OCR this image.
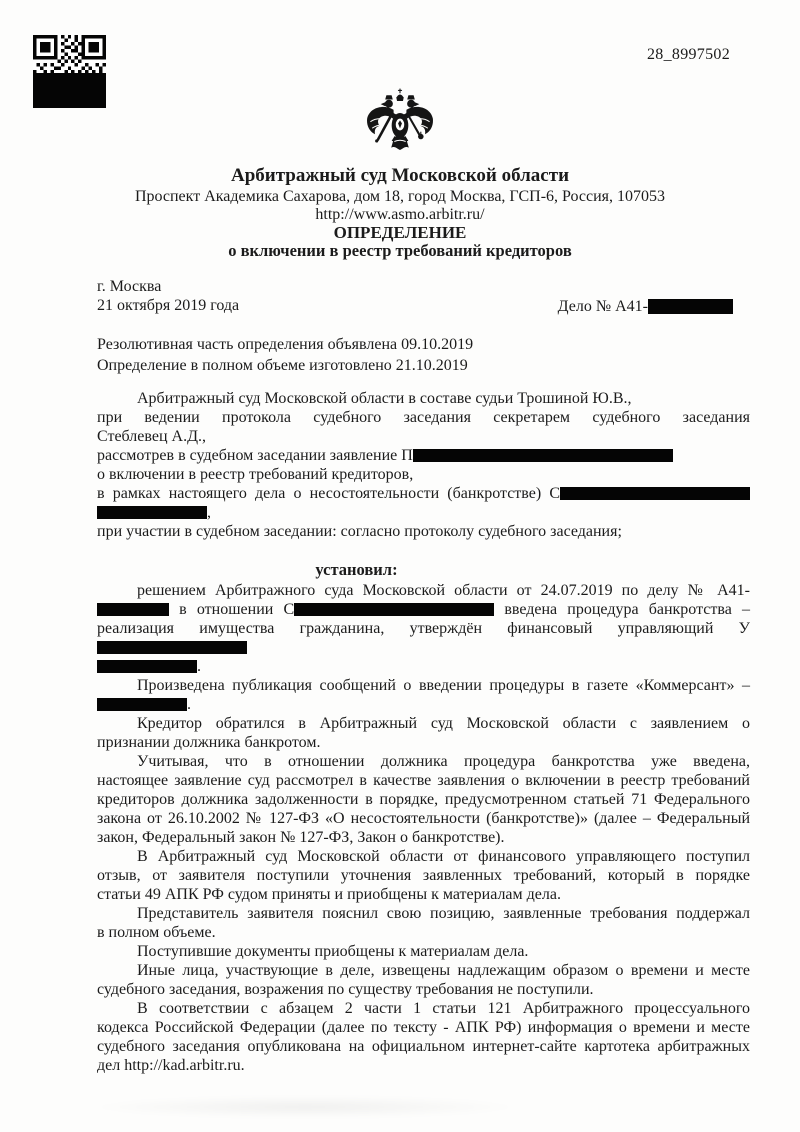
28_8997502
Арбитражный суд Московской области
Проспект Академика Сахарова, дом 18, город Москва, ГСП-6, Россия, 107053
http://www.asmo.arbitr.ru/
ОПРЕДЕЛЕНИЕ
о включении в реестр требований кредиторов
г. Москва
21 октября 2019 года	Дело № А41-
Резолютивная часть определения объявлена 09.10.2019
Определение в полном объеме изготовлено 21.10.2019
Арбитражный суд Московской области в составе судьи Трошиной Ю.В.,
при ведении протокола судебного заседания секретарем судебного заседания
Стеблевец А.Д.,
рассмотрев в судебном заседании заявление П
о включении в реестр требований кредиторов,
в рамках настоящего дела о несостоятельности (банкротстве) С
,
при участии в судебном заседании: согласно протоколу судебного заседания;
установил:
решением Арбитражного суда Московской области от 24.07.2019 по делу № А41-
в отношении С	введена процедура банкротства –
реализация имущества гражданина, утверждён финансовый управляющий У
.
Произведена публикация сообщений о введении процедуры в газете «Коммерсант» –
.
Кредитор обратился в Арбитражный суд Московской области с заявлением о
признании должника банкротом.
Учитывая, что в отношении должника процедура банкротства уже введена,
настоящее заявление суд рассмотрел в качестве заявления о включении в реестр требований
кредиторов должника задолженности в порядке, предусмотренном статьей 71 Федерального
закона от 26.10.2002 № 127-ФЗ «О несостоятельности (банкротстве)» (далее – Федеральный
закон, Федеральный закон № 127-ФЗ, Закон о банкротстве).
В Арбитражный суд Московской области от финансового управляющего поступил
отзыв, от заявителя поступили уточнения заявленных требований, который в порядке
статьи 49 АПК РФ судом приняты и приобщены к материалам дела.
Представитель заявителя пояснил свою позицию, заявленные требования поддержал
в полном объеме.
Поступившие документы приобщены к материалам дела.
Иные лица, участвующие в деле, извещены надлежащим образом о времени и месте
судебного заседания, возражения по существу требования не поступили.
В соответствии с абзацем 2 части 1 статьи 121 Арбитражного процессуального
кодекса Российской Федерации (далее по тексту - АПК РФ) информация о времени и месте
судебного заседания опубликована на официальном интернет-сайте картотека арбитражных
дел http://kad.arbitr.ru.
